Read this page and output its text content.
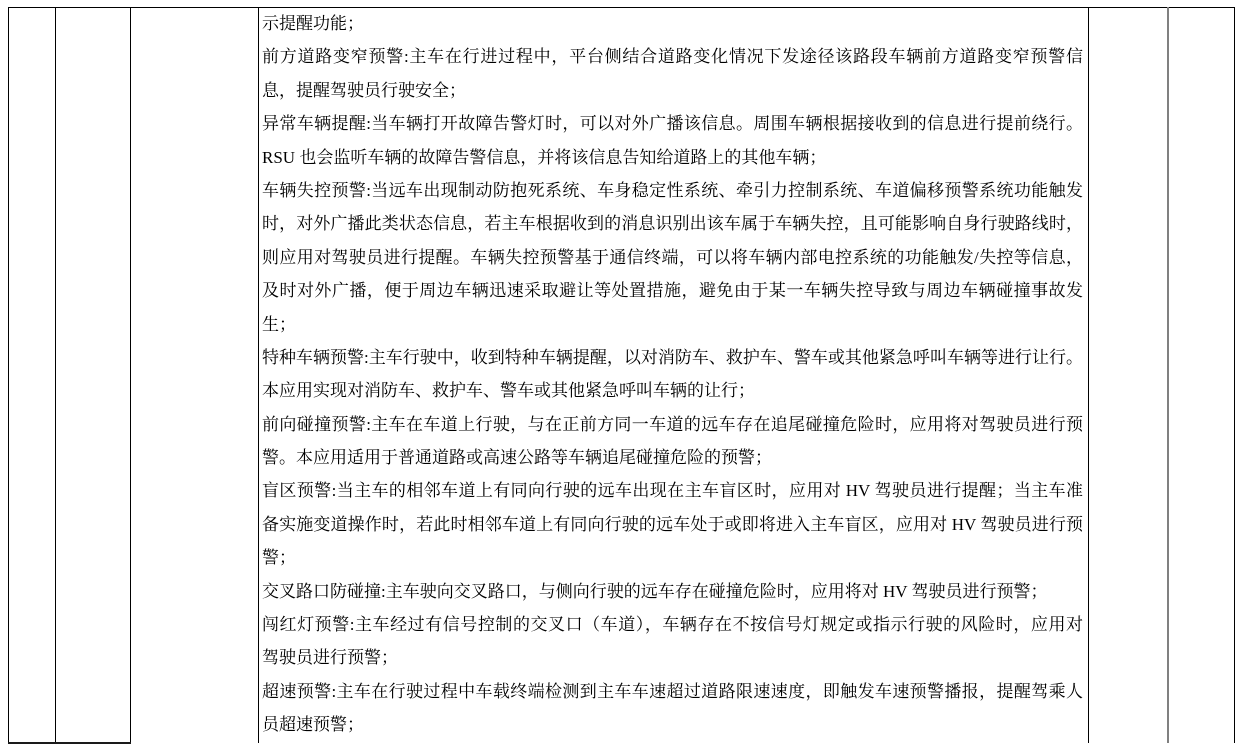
示提醒功能；
前方道路变窄预警:主车在行进过程中，平台侧结合道路变化情况下发途径该路段车辆前方道路变窄预警信
息，提醒驾驶员行驶安全；
异常车辆提醒:当车辆打开故障告警灯时，可以对外广播该信息。周围车辆根据接收到的信息进行提前绕行。
RSU 也会监听车辆的故障告警信息，并将该信息告知给道路上的其他车辆；
车辆失控预警:当远车出现制动防抱死系统、车身稳定性系统、牵引力控制系统、车道偏移预警系统功能触发
时，对外广播此类状态信息，若主车根据收到的消息识别出该车属于车辆失控，且可能影响自身行驶路线时，
则应用对驾驶员进行提醒。车辆失控预警基于通信终端，可以将车辆内部电控系统的功能触发/失控等信息，
及时对外广播，便于周边车辆迅速采取避让等处置措施，避免由于某一车辆失控导致与周边车辆碰撞事故发
生；
特种车辆预警:主车行驶中，收到特种车辆提醒，以对消防车、救护车、警车或其他紧急呼叫车辆等进行让行。
本应用实现对消防车、救护车、警车或其他紧急呼叫车辆的让行；
前向碰撞预警:主车在车道上行驶，与在正前方同一车道的远车存在追尾碰撞危险时，应用将对驾驶员进行预
警。本应用适用于普通道路或高速公路等车辆追尾碰撞危险的预警；
盲区预警:当主车的相邻车道上有同向行驶的远车出现在主车盲区时，应用对 HV 驾驶员进行提醒；当主车准
备实施变道操作时，若此时相邻车道上有同向行驶的远车处于或即将进入主车盲区，应用对 HV 驾驶员进行预
警；
交叉路口防碰撞:主车驶向交叉路口，与侧向行驶的远车存在碰撞危险时，应用将对 HV 驾驶员进行预警；
闯红灯预警:主车经过有信号控制的交叉口（车道），车辆存在不按信号灯规定或指示行驶的风险时，应用对
驾驶员进行预警；
超速预警:主车在行驶过程中车载终端检测到主车车速超过道路限速速度，即触发车速预警播报，提醒驾乘人
员超速预警；
